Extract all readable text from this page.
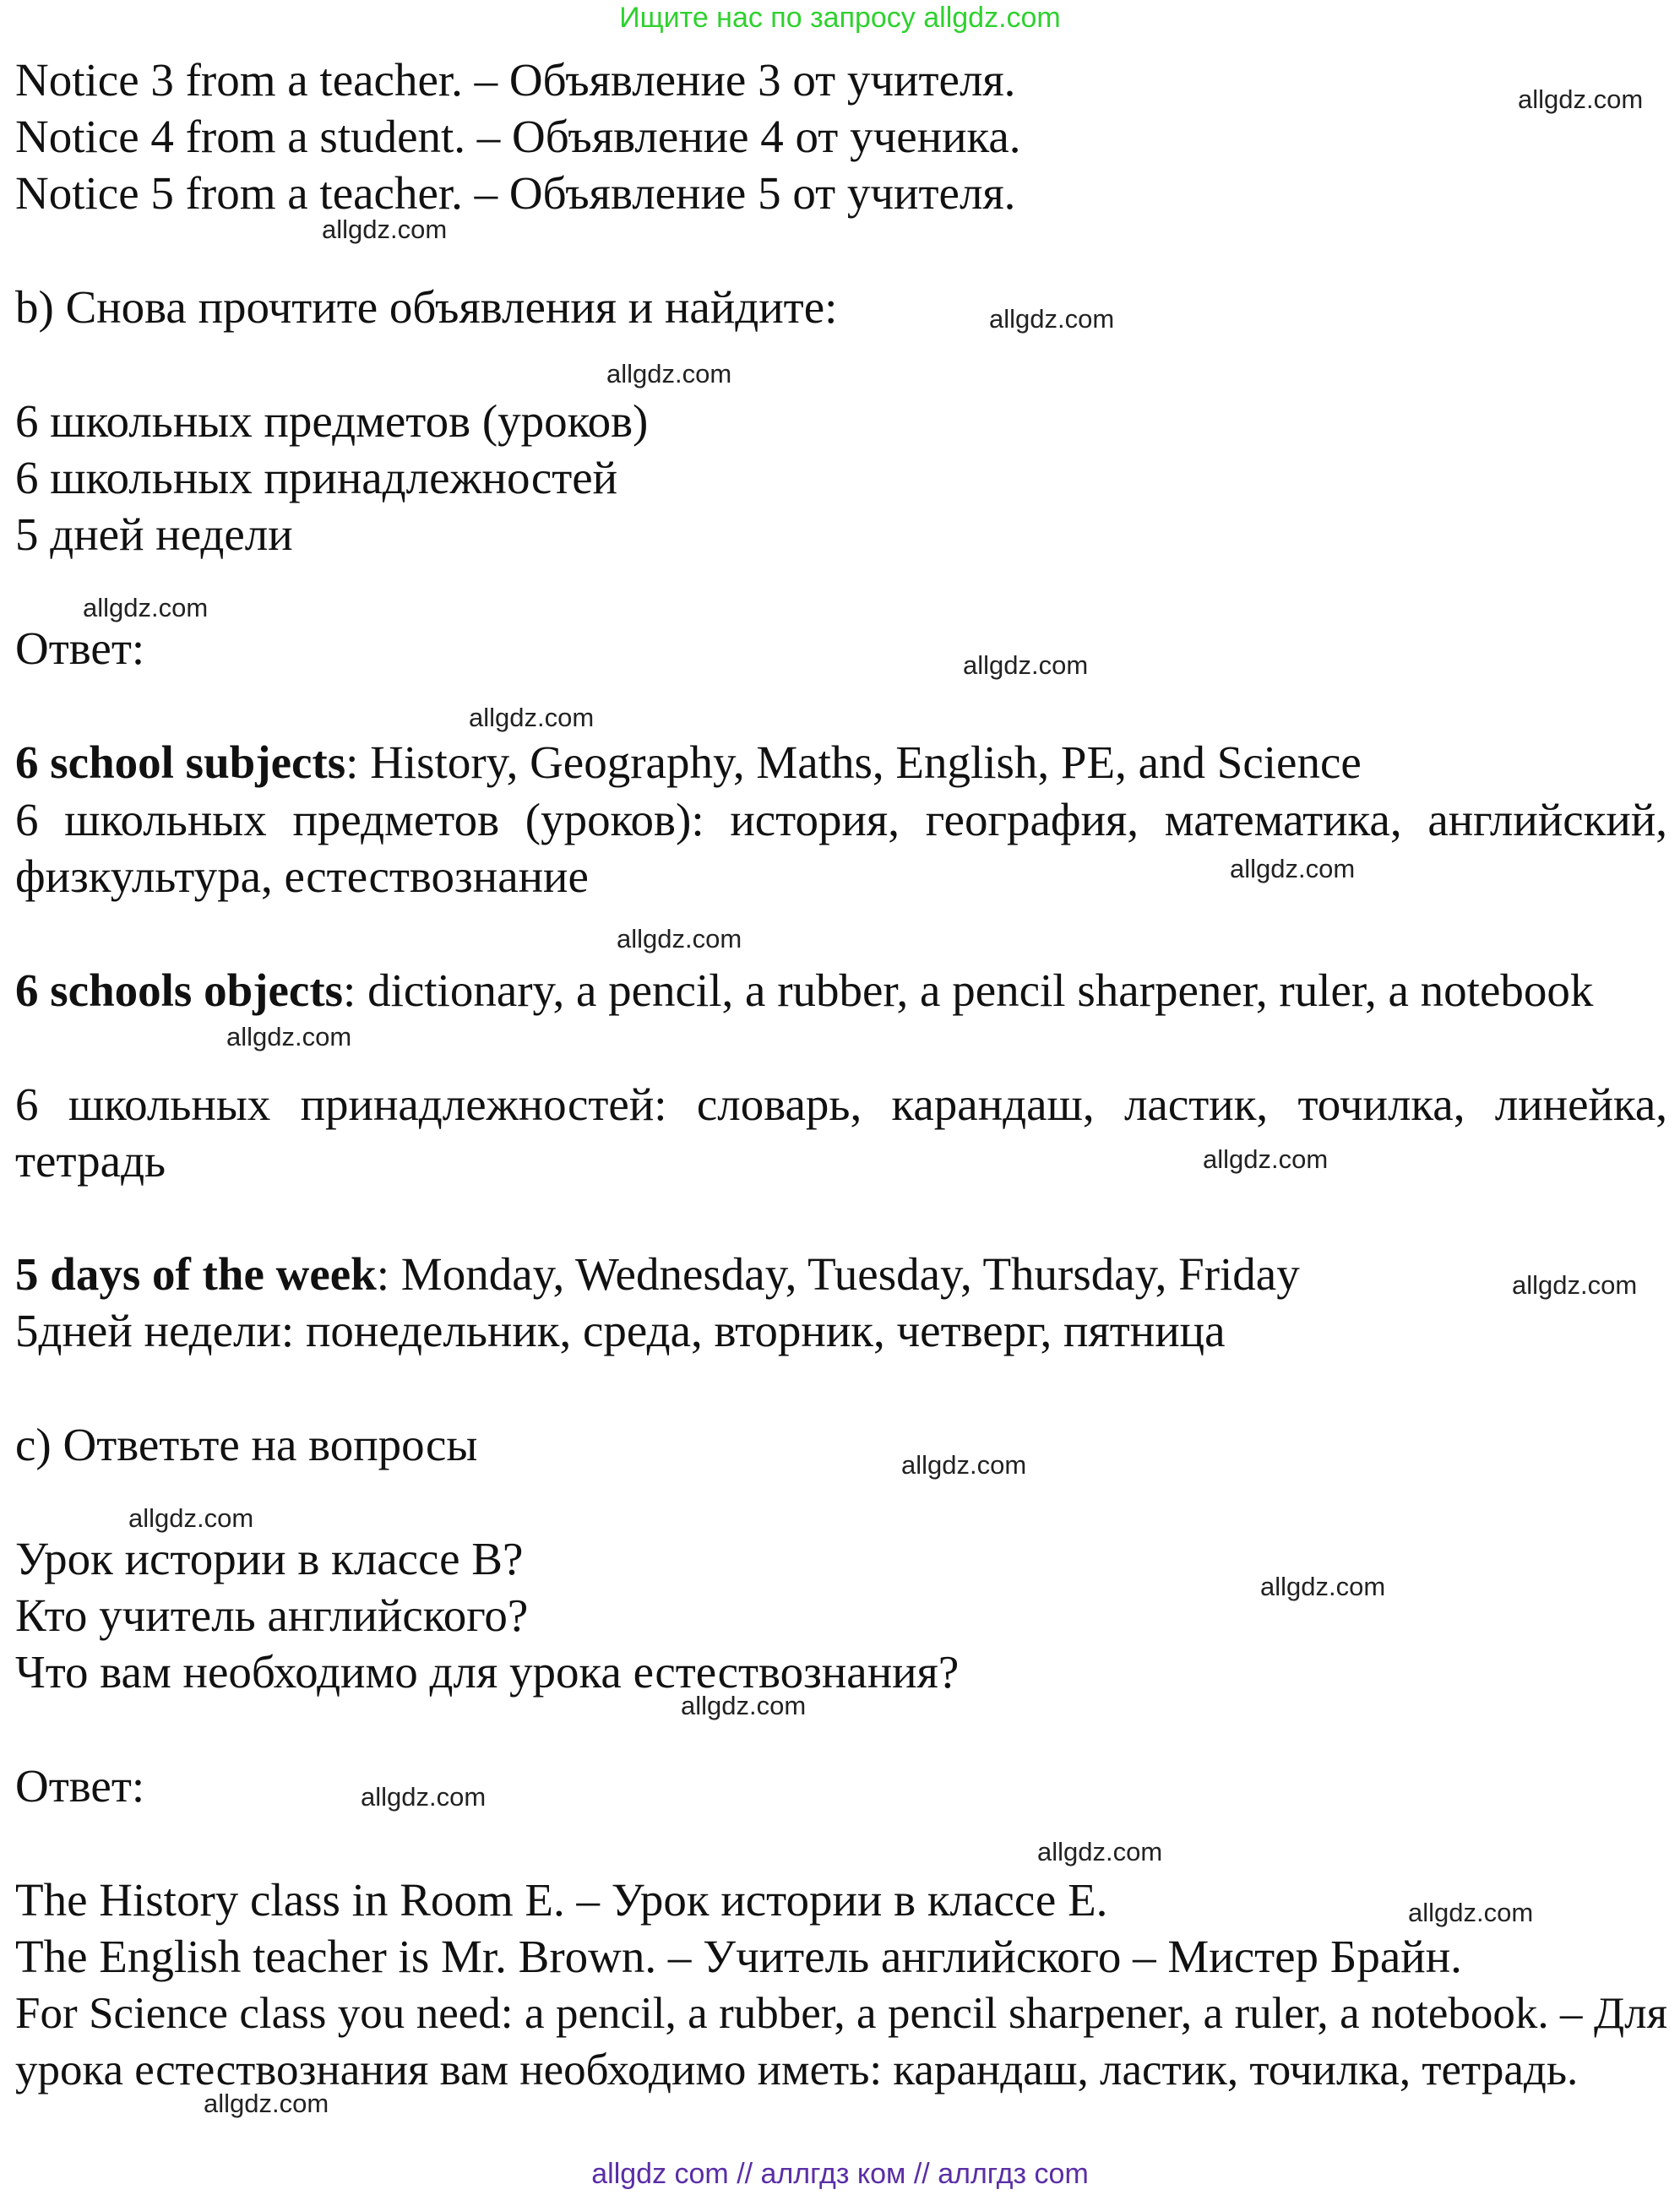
Ищите нас по запросу allgdz.com

Notice 3 from a teacher. – Объявление 3 от учителя.

Notice 4 from a student. – Объявление 4 от ученика.

Notice 5 from a teacher. – Объявление 5 от учителя.

b) Снова прочтите объявления и найдите:

6 школьных предметов (уроков)

6 школьных принадлежностей

5 дней недели

Ответ:

6 school subjects: History, Geography, Maths, English, PE, and Science

6 школьных предметов (уроков): история, география, математика, английский, физкультура, естествознание

6 schools objects: dictionary, a pencil, a rubber, a pencil sharpener, ruler, a notebook

6 школьных принадлежностей: словарь, карандаш, ластик, точилка, линейка, тетрадь

5 days of the week: Monday, Wednesday, Tuesday, Thursday, Friday

5дней недели: понедельник, среда, вторник, четверг, пятница

c) Ответьте на вопросы

Урок истории в классе В?

Кто учитель английского?

Что вам необходимо для урока естествознания?

Ответ:

The History class in Room E. – Урок истории в классе Е.

The English teacher is Mr. Brown. – Учитель английского – Мистер Брайн.

For Science class you need: a pencil, a rubber, a pencil sharpener, a ruler, a notebook. – Для урока естествознания вам необходимо иметь: карандаш, ластик, точилка, тетрадь.

allgdz.com
allgdz.com
allgdz.com
allgdz.com
allgdz.com
allgdz.com
allgdz.com
allgdz.com
allgdz.com
allgdz.com
allgdz.com
allgdz.com
allgdz.com
allgdz.com
allgdz.com
allgdz.com
allgdz.com
allgdz.com
allgdz.com
allgdz.com
allgdz com // аллгдз ком // аллгдз com
